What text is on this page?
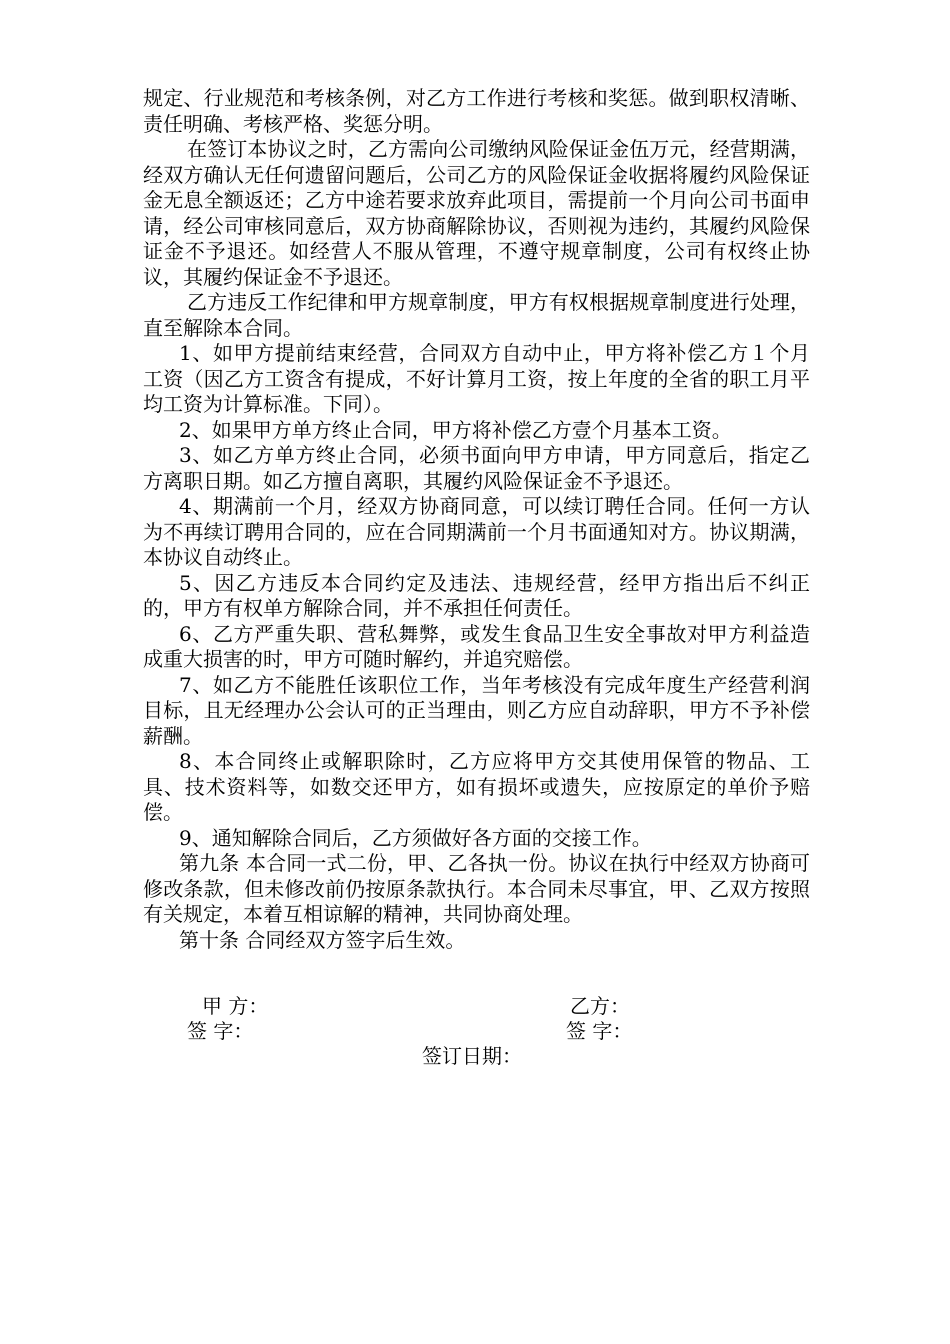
规定、行业规范和考核条例，对乙方工作进行考核和奖惩。做到职权清晰、责任明确、考核严格、奖惩分明。

在签订本协议之时，乙方需向公司缴纳风险保证金伍万元，经营期满，经双方确认无任何遗留问题后，公司乙方的风险保证金收据将履约风险保证金无息全额返还；乙方中途若要求放弃此项目，需提前一个月向公司书面申请，经公司审核同意后，双方协商解除协议，否则视为违约，其履约风险保证金不予退还。如经营人不服从管理，不遵守规章制度，公司有权终止协议，其履约保证金不予退还。

乙方违反工作纪律和甲方规章制度，甲方有权根据规章制度进行处理，直至解除本合同。

1、如甲方提前结束经营，合同双方自动中止，甲方将补偿乙方１个月工资（因乙方工资含有提成，不好计算月工资，按上年度的全省的职工月平均工资为计算标准。下同）。

2、如果甲方单方终止合同，甲方将补偿乙方壹个月基本工资。

3、如乙方单方终止合同，必须书面向甲方申请，甲方同意后，指定乙方离职日期。如乙方擅自离职，其履约风险保证金不予退还。

4、期满前一个月，经双方协商同意，可以续订聘任合同。任何一方认为不再续订聘用合同的，应在合同期满前一个月书面通知对方。协议期满，本协议自动终止。

5、因乙方违反本合同约定及违法、违规经营，经甲方指出后不纠正的，甲方有权单方解除合同，并不承担任何责任。

6、乙方严重失职、营私舞弊，或发生食品卫生安全事故对甲方利益造成重大损害的时，甲方可随时解约，并追究赔偿。

7、如乙方不能胜任该职位工作，当年考核没有完成年度生产经营利润目标，且无经理办公会认可的正当理由，则乙方应自动辞职，甲方不予补偿薪酬。

8、本合同终止或解职除时，乙方应将甲方交其使用保管的物品、工具、技术资料等，如数交还甲方，如有损坏或遗失，应按原定的单价予赔偿。

9、通知解除合同后，乙方须做好各方面的交接工作。

第九条 本合同一式二份，甲、乙各执一份。协议在执行中经双方协商可修改条款，但未修改前仍按原条款执行。本合同未尽事宜，甲、乙双方按照有关规定，本着互相谅解的精神，共同协商处理。

第十条 合同经双方签字后生效。

甲 方：	乙方：
签 字：	签 字：
签订日期：
